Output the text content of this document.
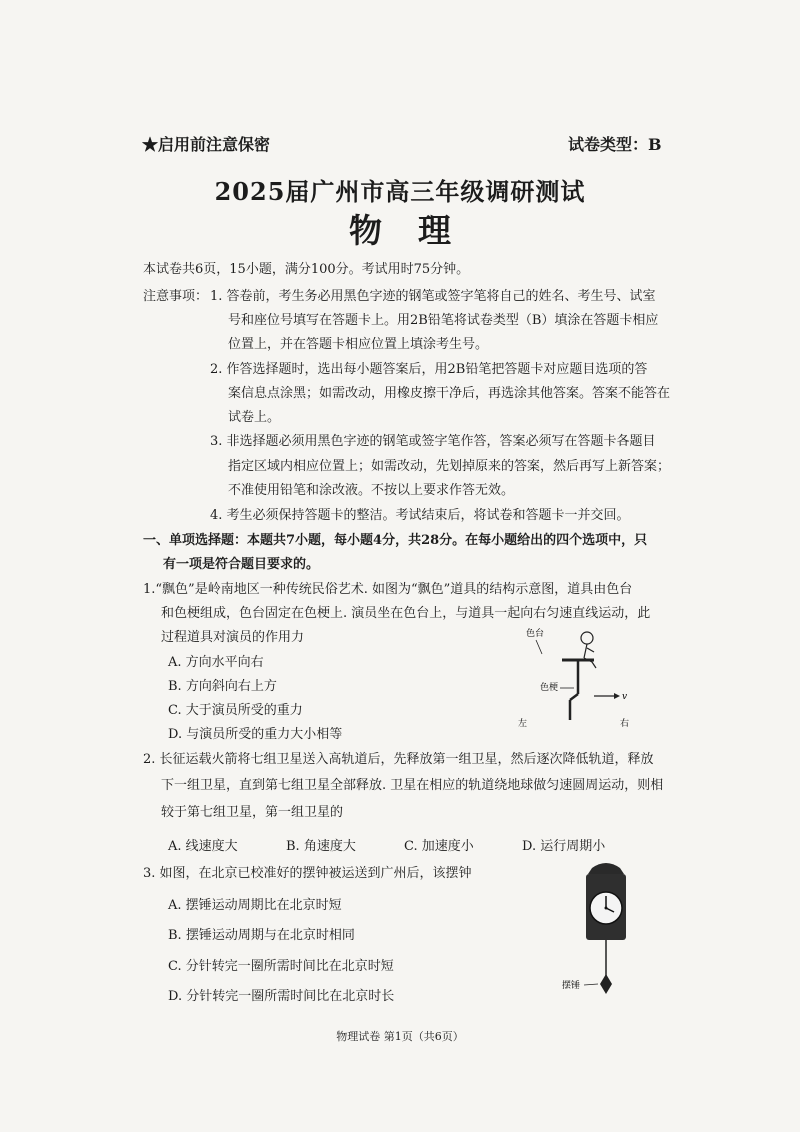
★启用前注意保密	试卷类型：B
2025届广州市高三年级调研测试
物理
本试卷共6页，15小题，满分100分。考试用时75分钟。
注意事项： 1. 答卷前，考生务必用黑色字迹的钢笔或签字笔将自己的姓名、考生号、试室
号和座位号填写在答题卡上。用2B铅笔将试卷类型（B）填涂在答题卡相应
位置上，并在答题卡相应位置上填涂考生号。
2. 作答选择题时，选出每小题答案后，用2B铅笔把答题卡对应题目选项的答
案信息点涂黑；如需改动，用橡皮擦干净后，再选涂其他答案。答案不能答在
试卷上。
3. 非选择题必须用黑色字迹的钢笔或签字笔作答，答案必须写在答题卡各题目
指定区域内相应位置上；如需改动，先划掉原来的答案，然后再写上新答案；
不准使用铅笔和涂改液。不按以上要求作答无效。
4. 考生必须保持答题卡的整洁。考试结束后，将试卷和答题卡一并交回。
一、单项选择题：本题共7小题，每小题4分，共28分。在每小题给出的四个选项中，只
有一项是符合题目要求的。
1.“飘色”是岭南地区一种传统民俗艺术. 如图为“飘色”道具的结构示意图，道具由色台
和色梗组成，色台固定在色梗上. 演员坐在色台上，与道具一起向右匀速直线运动，此
过程道具对演员的作用力
A. 方向水平向右
B. 方向斜向右上方
C. 大于演员所受的重力
D. 与演员所受的重力大小相等
色台
色梗
v
左	右
2. 长征运载火箭将七组卫星送入高轨道后，先释放第一组卫星，然后逐次降低轨道，释放
下一组卫星，直到第七组卫星全部释放. 卫星在相应的轨道绕地球做匀速圆周运动，则相
较于第七组卫星，第一组卫星的
A. 线速度大	B. 角速度大	C. 加速度小	D. 运行周期小
3. 如图，在北京已校准好的摆钟被运送到广州后，该摆钟
A. 摆锤运动周期比在北京时短
B. 摆锤运动周期与在北京时相同
C. 分针转完一圈所需时间比在北京时短
D. 分针转完一圈所需时间比在北京时长
摆锤
物理试卷 第1页（共6页）
